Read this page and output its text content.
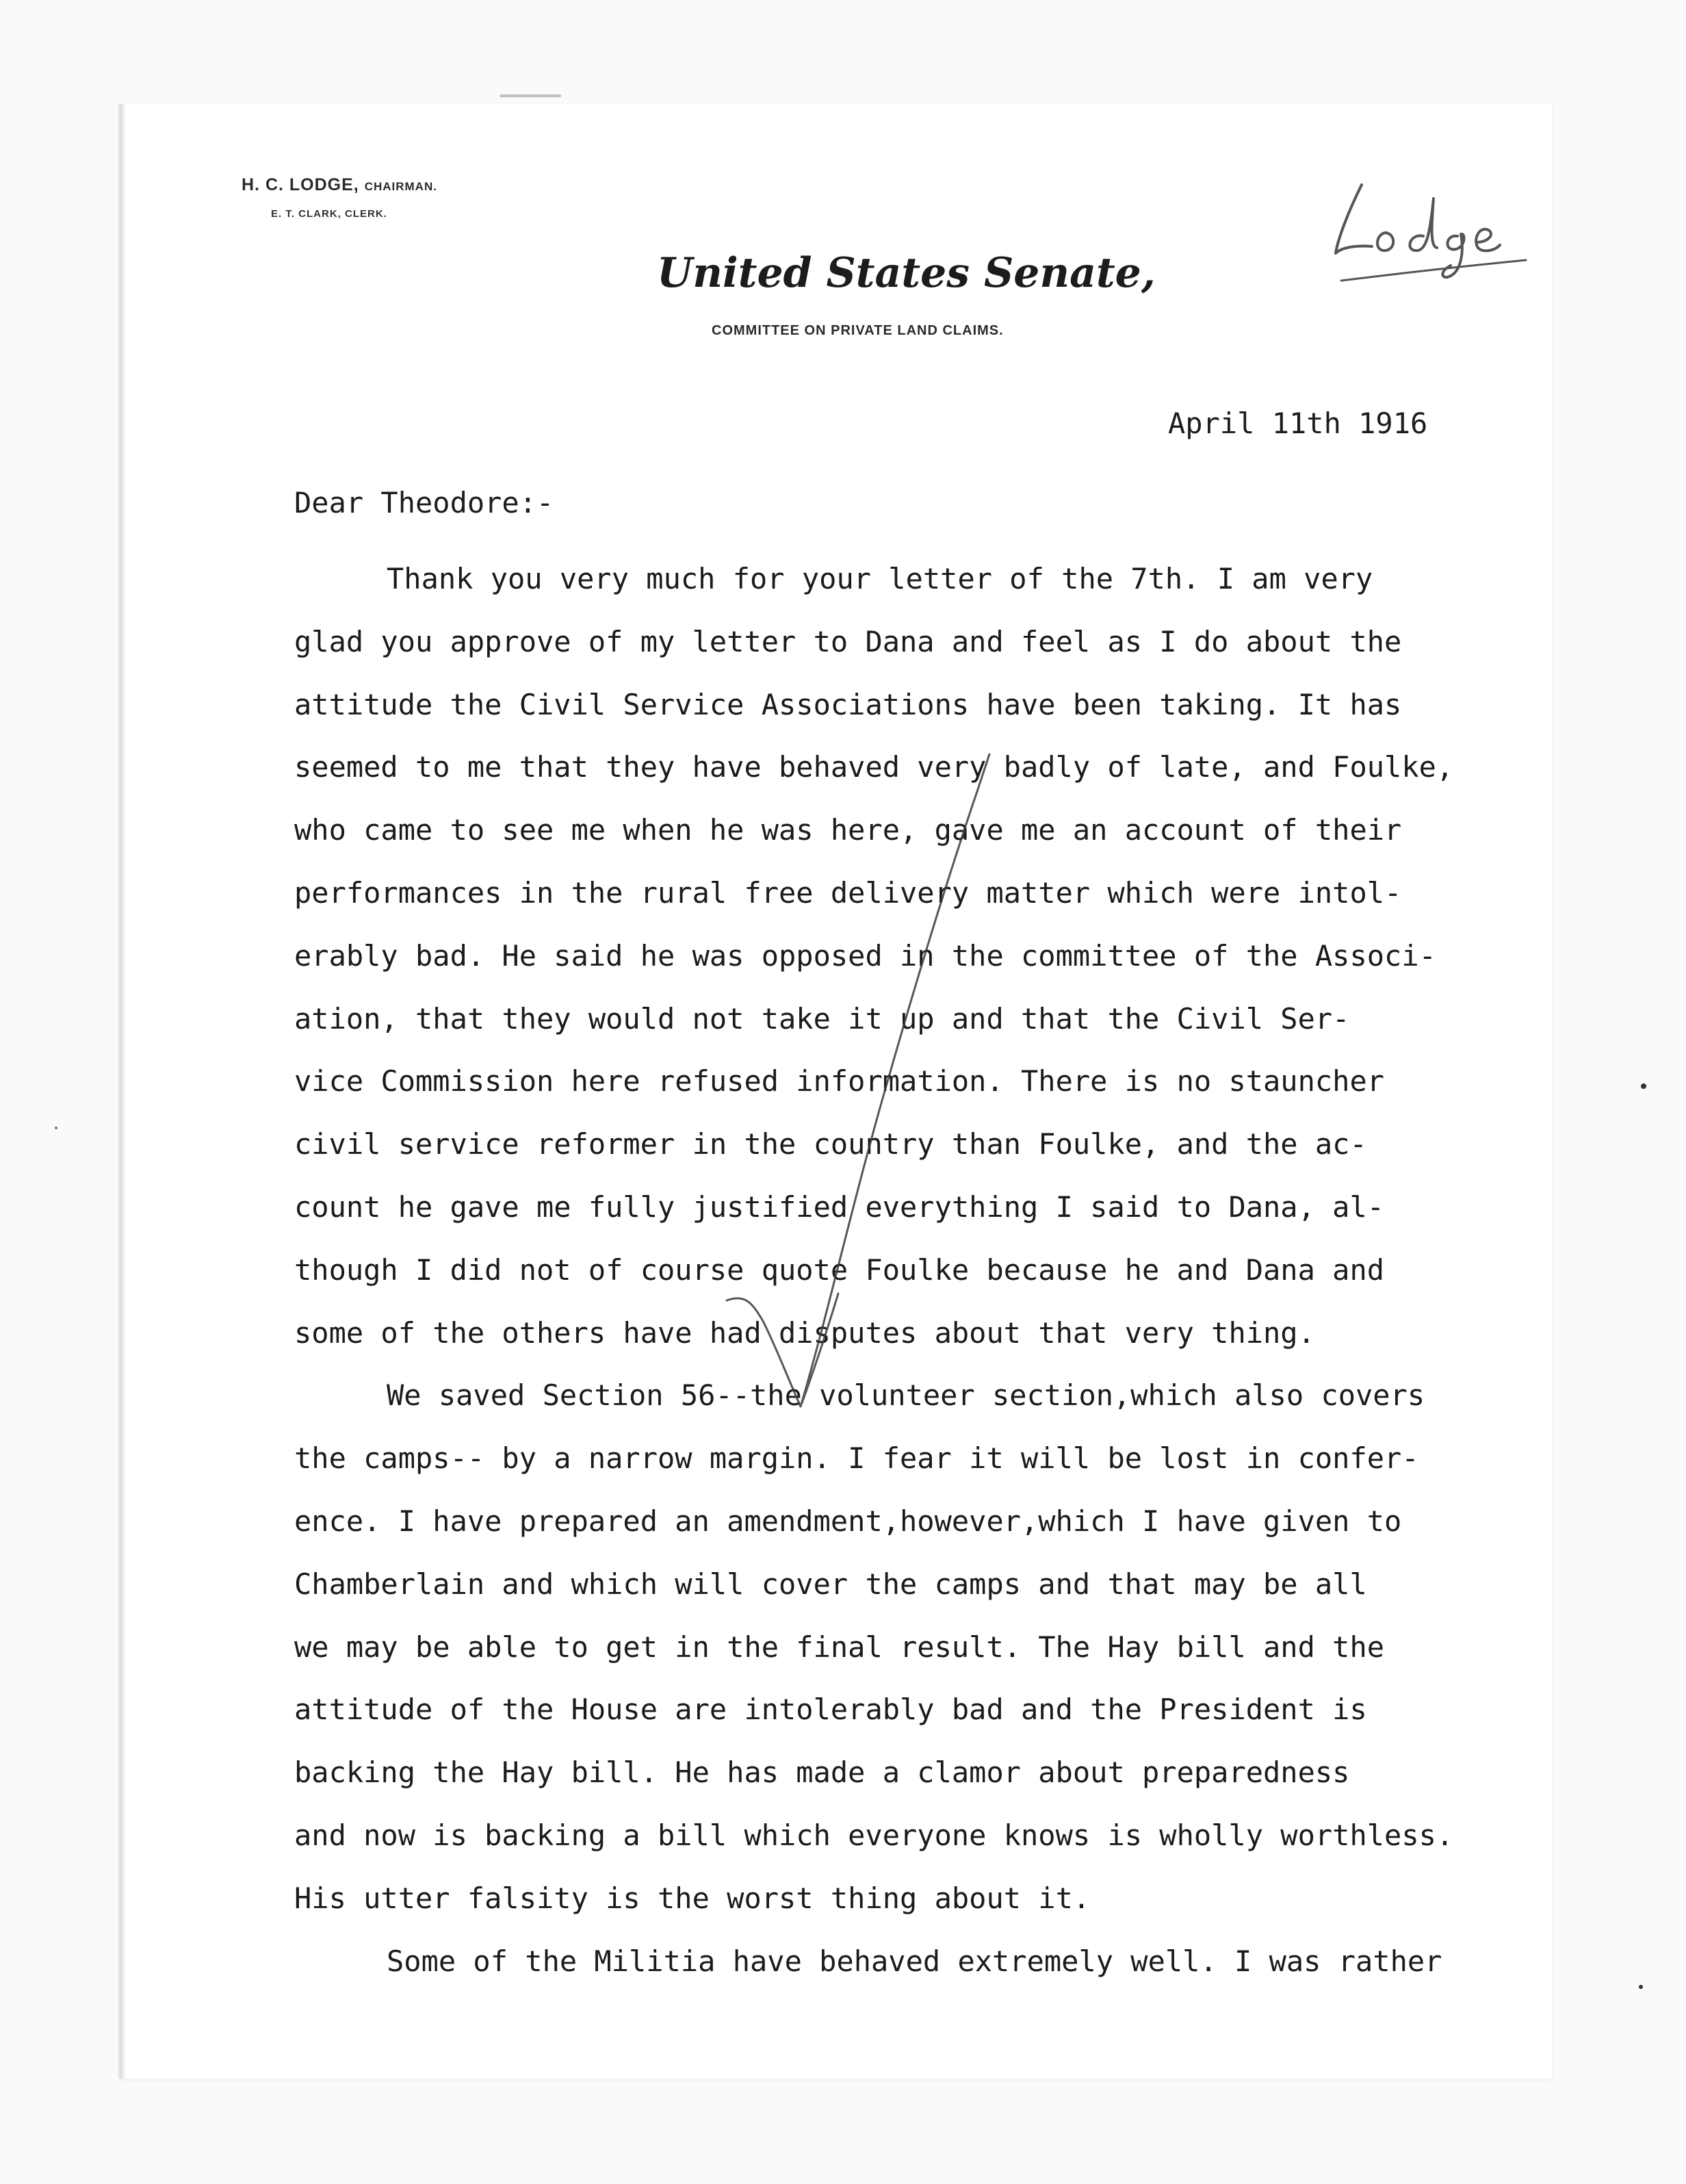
H. C. LODGE, CHAIRMAN.
E. T. CLARK, CLERK.
United States Senate,
COMMITTEE ON PRIVATE LAND CLAIMS.
April 11th 1916
Dear Theodore:-
Thank you very much for your letter of the 7th. I am very
glad you approve of my letter to Dana and feel as I do about the
attitude the Civil Service Associations have been taking. It has
seemed to me that they have behaved very badly of late, and Foulke,
who came to see me when he was here, gave me an account of their
performances in the rural free delivery matter which were intol-
erably bad. He said he was opposed in the committee of the Associ-
ation, that they would not take it up and that the Civil Ser-
vice Commission here refused information. There is no stauncher
civil service reformer in the country than Foulke, and the ac-
count he gave me fully justified everything I said to Dana, al-
though I did not of course quote Foulke because he and Dana and
some of the others have had disputes about that very thing.
We saved Section 56--the volunteer section,which also covers
the camps-- by a narrow margin. I fear it will be lost in confer-
ence. I have prepared an amendment,however,which I have given to
Chamberlain and which will cover the camps and that may be all
we may be able to get in the final result. The Hay bill and the
attitude of the House are intolerably bad and the President is
backing the Hay bill. He has made a clamor about preparedness
and now is backing a bill which everyone knows is wholly worthless.
His utter falsity is the worst thing about it.
Some of the Militia have behaved extremely well. I was rather
